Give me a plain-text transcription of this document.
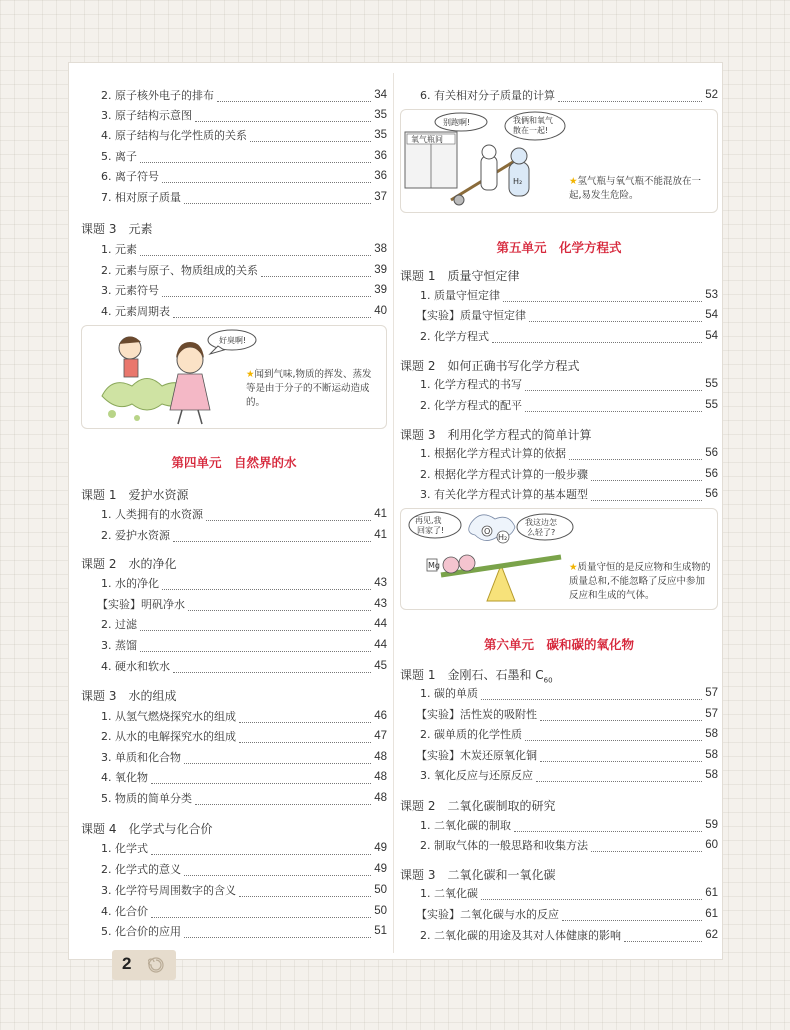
2. 原子核外电子的排布	34
3. 原子结构示意图	35
4. 原子结构与化学性质的关系	35
5. 离子	36
6. 离子符号	36
7. 相对原子质量	37
课题 3　元素
1. 元素	38
2. 元素与原子、物质组成的关系	39
3. 元素符号	39
4. 元素周期表	40
好臭啊!
★闻到气味,物质的挥发、蒸发等是由于分子的不断运动造成的。
第四单元　自然界的水
课题 1　爱护水资源
1. 人类拥有的水资源	41
2. 爱护水资源	41
课题 2　水的净化
1. 水的净化	43
【实验】明矾净水	43
2. 过滤	44
3. 蒸馏	44
4. 硬水和软水	45
课题 3　水的组成
1. 从氢气燃烧探究水的组成	46
2. 从水的电解探究水的组成	47
3. 单质和化合物	48
4. 氧化物	48
5. 物质的简单分类	48
课题 4　化学式与化合价
1. 化学式	49
2. 化学式的意义	49
3. 化学符号周围数字的含义	50
4. 化合价	50
5. 化合价的应用	51
6. 有关相对分子质量的计算	52
氧气瓶间
H₂
别跑啊!	我俩和氧气
散在一起!
★氢气瓶与氧气瓶不能混放在一起,易发生危险。
第五单元　化学方程式
课题 1　质量守恒定律
1. 质量守恒定律	53
【实验】质量守恒定律	54
2. 化学方程式	54
课题 2　如何正确书写化学方程式
1. 化学方程式的书写	55
2. 化学方程式的配平	55
课题 3　利用化学方程式的简单计算
1. 根据化学方程式计算的依据	56
2. 根据化学方程式计算的一般步骤	56
3. 有关化学方程式计算的基本题型	56
Mg
O
H₂
再见,我
回家了!
我这边怎
么轻了?
★质量守恒的是反应物和生成物的质量总和,不能忽略了反应中参加反应和生成的气体。
第六单元　碳和碳的氧化物
课题 1　金刚石、石墨和 $C_{60}$
1. 碳的单质	57
【实验】活性炭的吸附性	57
2. 碳单质的化学性质	58
【实验】木炭还原氧化铜	58
3. 氧化反应与还原反应	58
课题 2　二氧化碳制取的研究
1. 二氧化碳的制取	59
2. 制取气体的一般思路和收集方法	60
课题 3　二氧化碳和一氧化碳
1. 二氧化碳	61
【实验】二氧化碳与水的反应	61
2. 二氧化碳的用途及其对人体健康的影响	62
2
